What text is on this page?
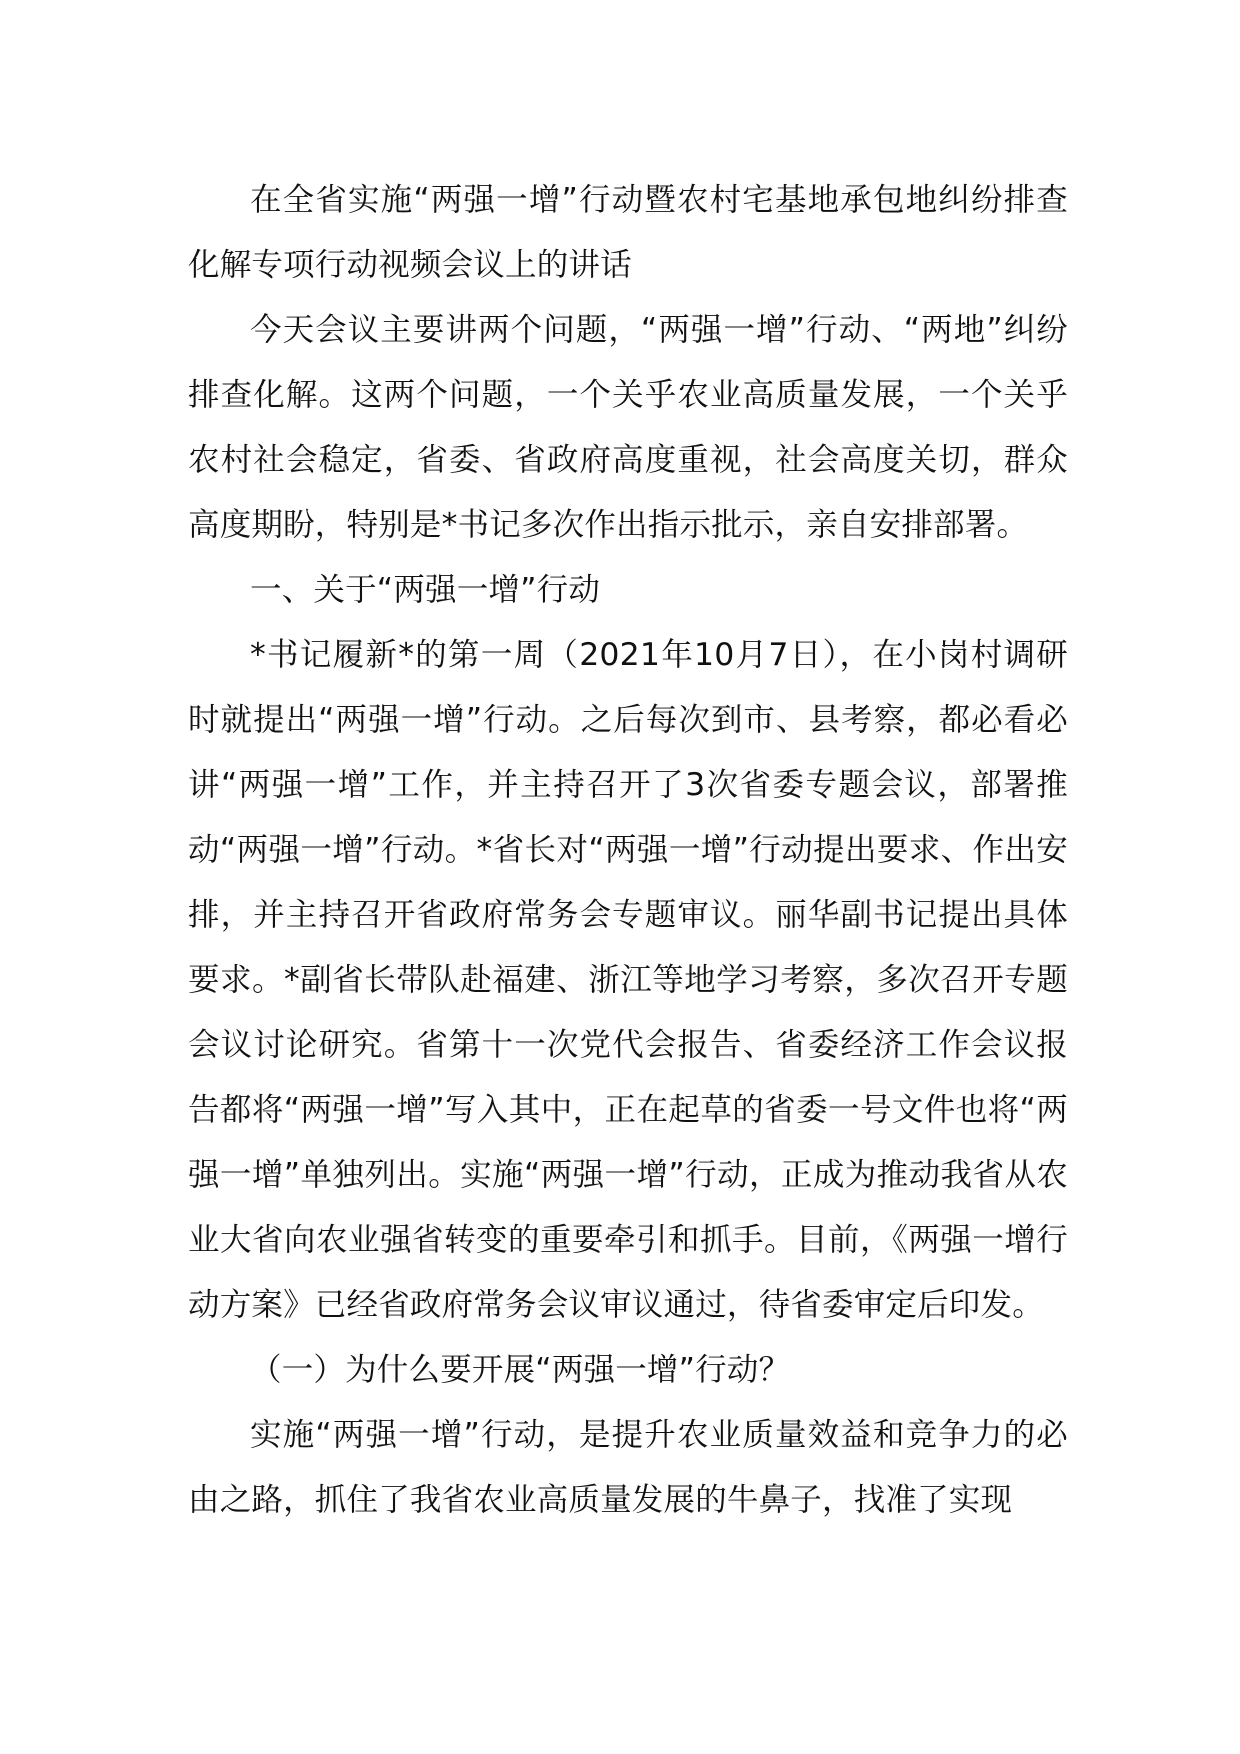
在全省实施“两强一增”行动暨农村宅基地承包地纠纷排查化解专项行动视频会议上的讲话

今天会议主要讲两个问题，“两强一增”行动、“两地”纠纷排查化解。这两个问题，一个关乎农业高质量发展，一个关乎农村社会稳定，省委、省政府高度重视，社会高度关切，群众高度期盼，特别是*书记多次作出指示批示，亲自安排部署。

一、关于“两强一增”行动

*书记履新*的第一周（2021年10月7日），在小岗村调研时就提出“两强一增”行动。之后每次到市、县考察，都必看必讲“两强一增”工作，并主持召开了3次省委专题会议，部署推动“两强一增”行动。*省长对“两强一增”行动提出要求、作出安排，并主持召开省政府常务会专题审议。丽华副书记提出具体要求。*副省长带队赴福建、浙江等地学习考察，多次召开专题会议讨论研究。省第十一次党代会报告、省委经济工作会议报告都将“两强一增”写入其中，正在起草的省委一号文件也将“两强一增”单独列出。实施“两强一增”行动，正成为推动我省从农业大省向农业强省转变的重要牵引和抓手。目前，《两强一增行动方案》已经省政府常务会议审议通过，待省委审定后印发。

（一）为什么要开展“两强一增”行动？

实施“两强一增”行动，是提升农业质量效益和竞争力的必由之路，抓住了我省农业高质量发展的牛鼻子，找准了实现
